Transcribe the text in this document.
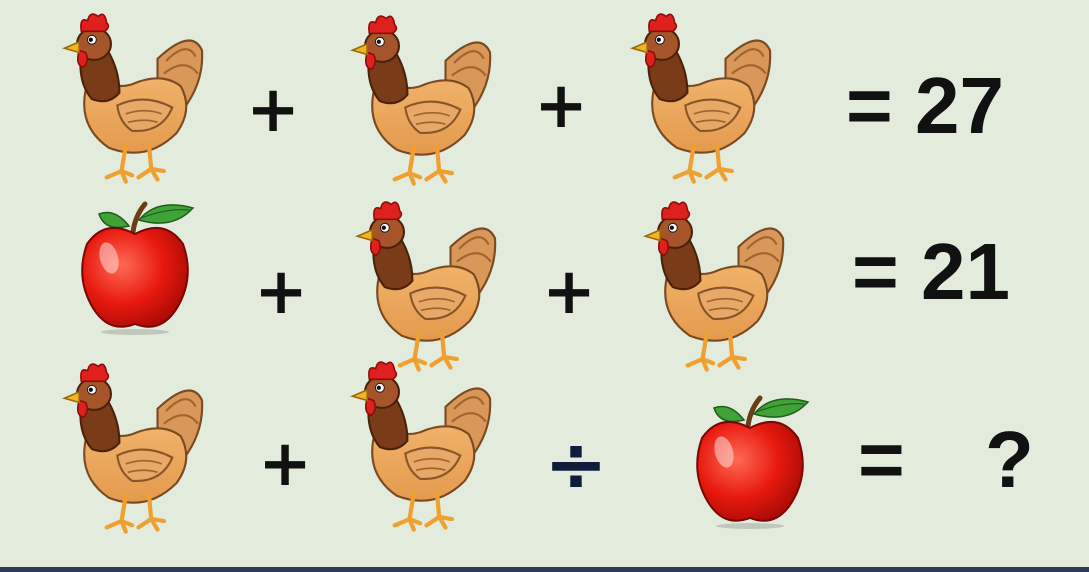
+	+	= 27
+	+	= 21
+	÷	= ?
